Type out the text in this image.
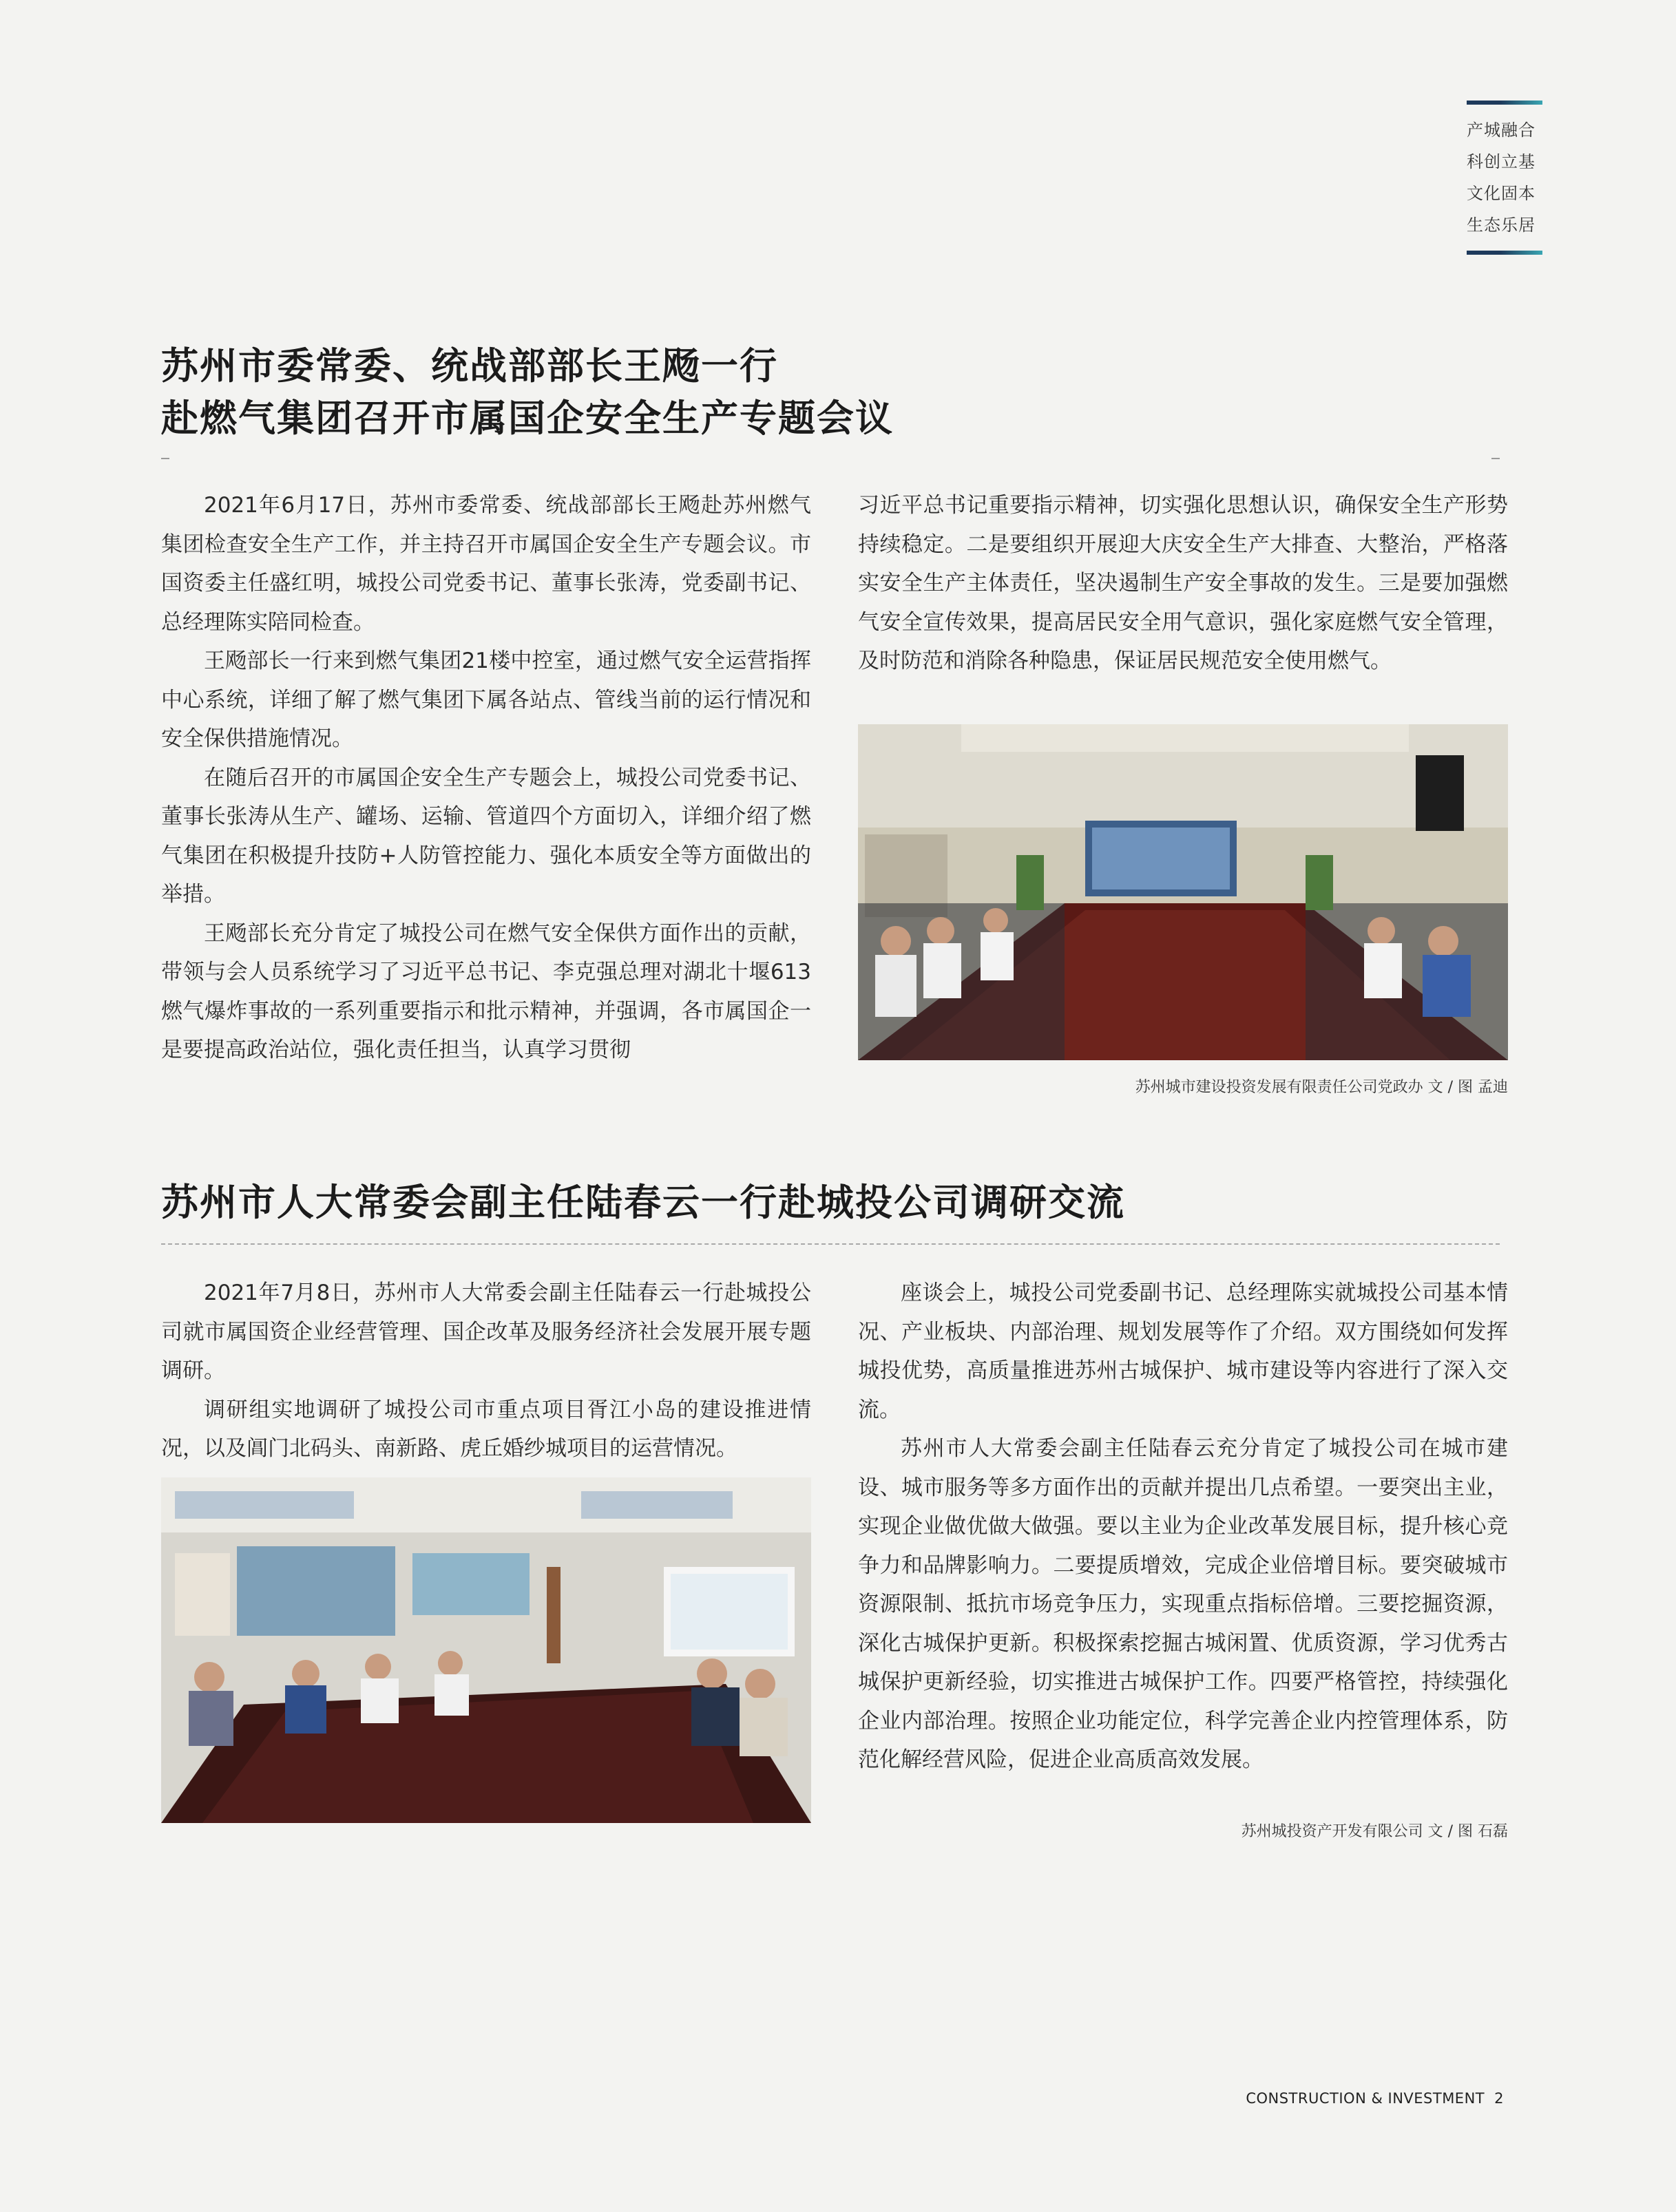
产城融合
科创立基
文化固本
生态乐居
苏州市委常委、统战部部长王飏一行
赴燃气集团召开市属国企安全生产专题会议

2021年6月17日，苏州市委常委、统战部部长王飏赴苏州燃气集团检查安全生产工作，并主持召开市属国企安全生产专题会议。市国资委主任盛红明，城投公司党委书记、董事长张涛，党委副书记、总经理陈实陪同检查。

王飏部长一行来到燃气集团21楼中控室，通过燃气安全运营指挥中心系统，详细了解了燃气集团下属各站点、管线当前的运行情况和安全保供措施情况。

在随后召开的市属国企安全生产专题会上，城投公司党委书记、董事长张涛从生产、罐场、运输、管道四个方面切入，详细介绍了燃气集团在积极提升技防+人防管控能力、强化本质安全等方面做出的举措。

王飏部长充分肯定了城投公司在燃气安全保供方面作出的贡献，带领与会人员系统学习了习近平总书记、李克强总理对湖北十堰613燃气爆炸事故的一系列重要指示和批示精神，并强调，各市属国企一是要提高政治站位，强化责任担当，认真学习贯彻

习近平总书记重要指示精神，切实强化思想认识，确保安全生产形势持续稳定。二是要组织开展迎大庆安全生产大排查、大整治，严格落实安全生产主体责任，坚决遏制生产安全事故的发生。三是要加强燃气安全宣传效果，提高居民安全用气意识，强化家庭燃气安全管理，及时防范和消除各种隐患，保证居民规范安全使用燃气。

苏州城市建设投资发展有限责任公司党政办 文 / 图 孟迪
苏州市人大常委会副主任陆春云一行赴城投公司调研交流

2021年7月8日，苏州市人大常委会副主任陆春云一行赴城投公司就市属国资企业经营管理、国企改革及服务经济社会发展开展专题调研。

调研组实地调研了城投公司市重点项目胥江小岛的建设推进情况，以及阊门北码头、南新路、虎丘婚纱城项目的运营情况。

座谈会上，城投公司党委副书记、总经理陈实就城投公司基本情况、产业板块、内部治理、规划发展等作了介绍。双方围绕如何发挥城投优势，高质量推进苏州古城保护、城市建设等内容进行了深入交流。

苏州市人大常委会副主任陆春云充分肯定了城投公司在城市建设、城市服务等多方面作出的贡献并提出几点希望。一要突出主业，实现企业做优做大做强。要以主业为企业改革发展目标，提升核心竞争力和品牌影响力。二要提质增效，完成企业倍增目标。要突破城市资源限制、抵抗市场竞争压力，实现重点指标倍增。三要挖掘资源，深化古城保护更新。积极探索挖掘古城闲置、优质资源，学习优秀古城保护更新经验，切实推进古城保护工作。四要严格管控，持续强化企业内部治理。按照企业功能定位，科学完善企业内控管理体系，防范化解经营风险，促进企业高质高效发展。

苏州城投资产开发有限公司 文 / 图 石磊
CONSTRUCTION & INVESTMENT 2
